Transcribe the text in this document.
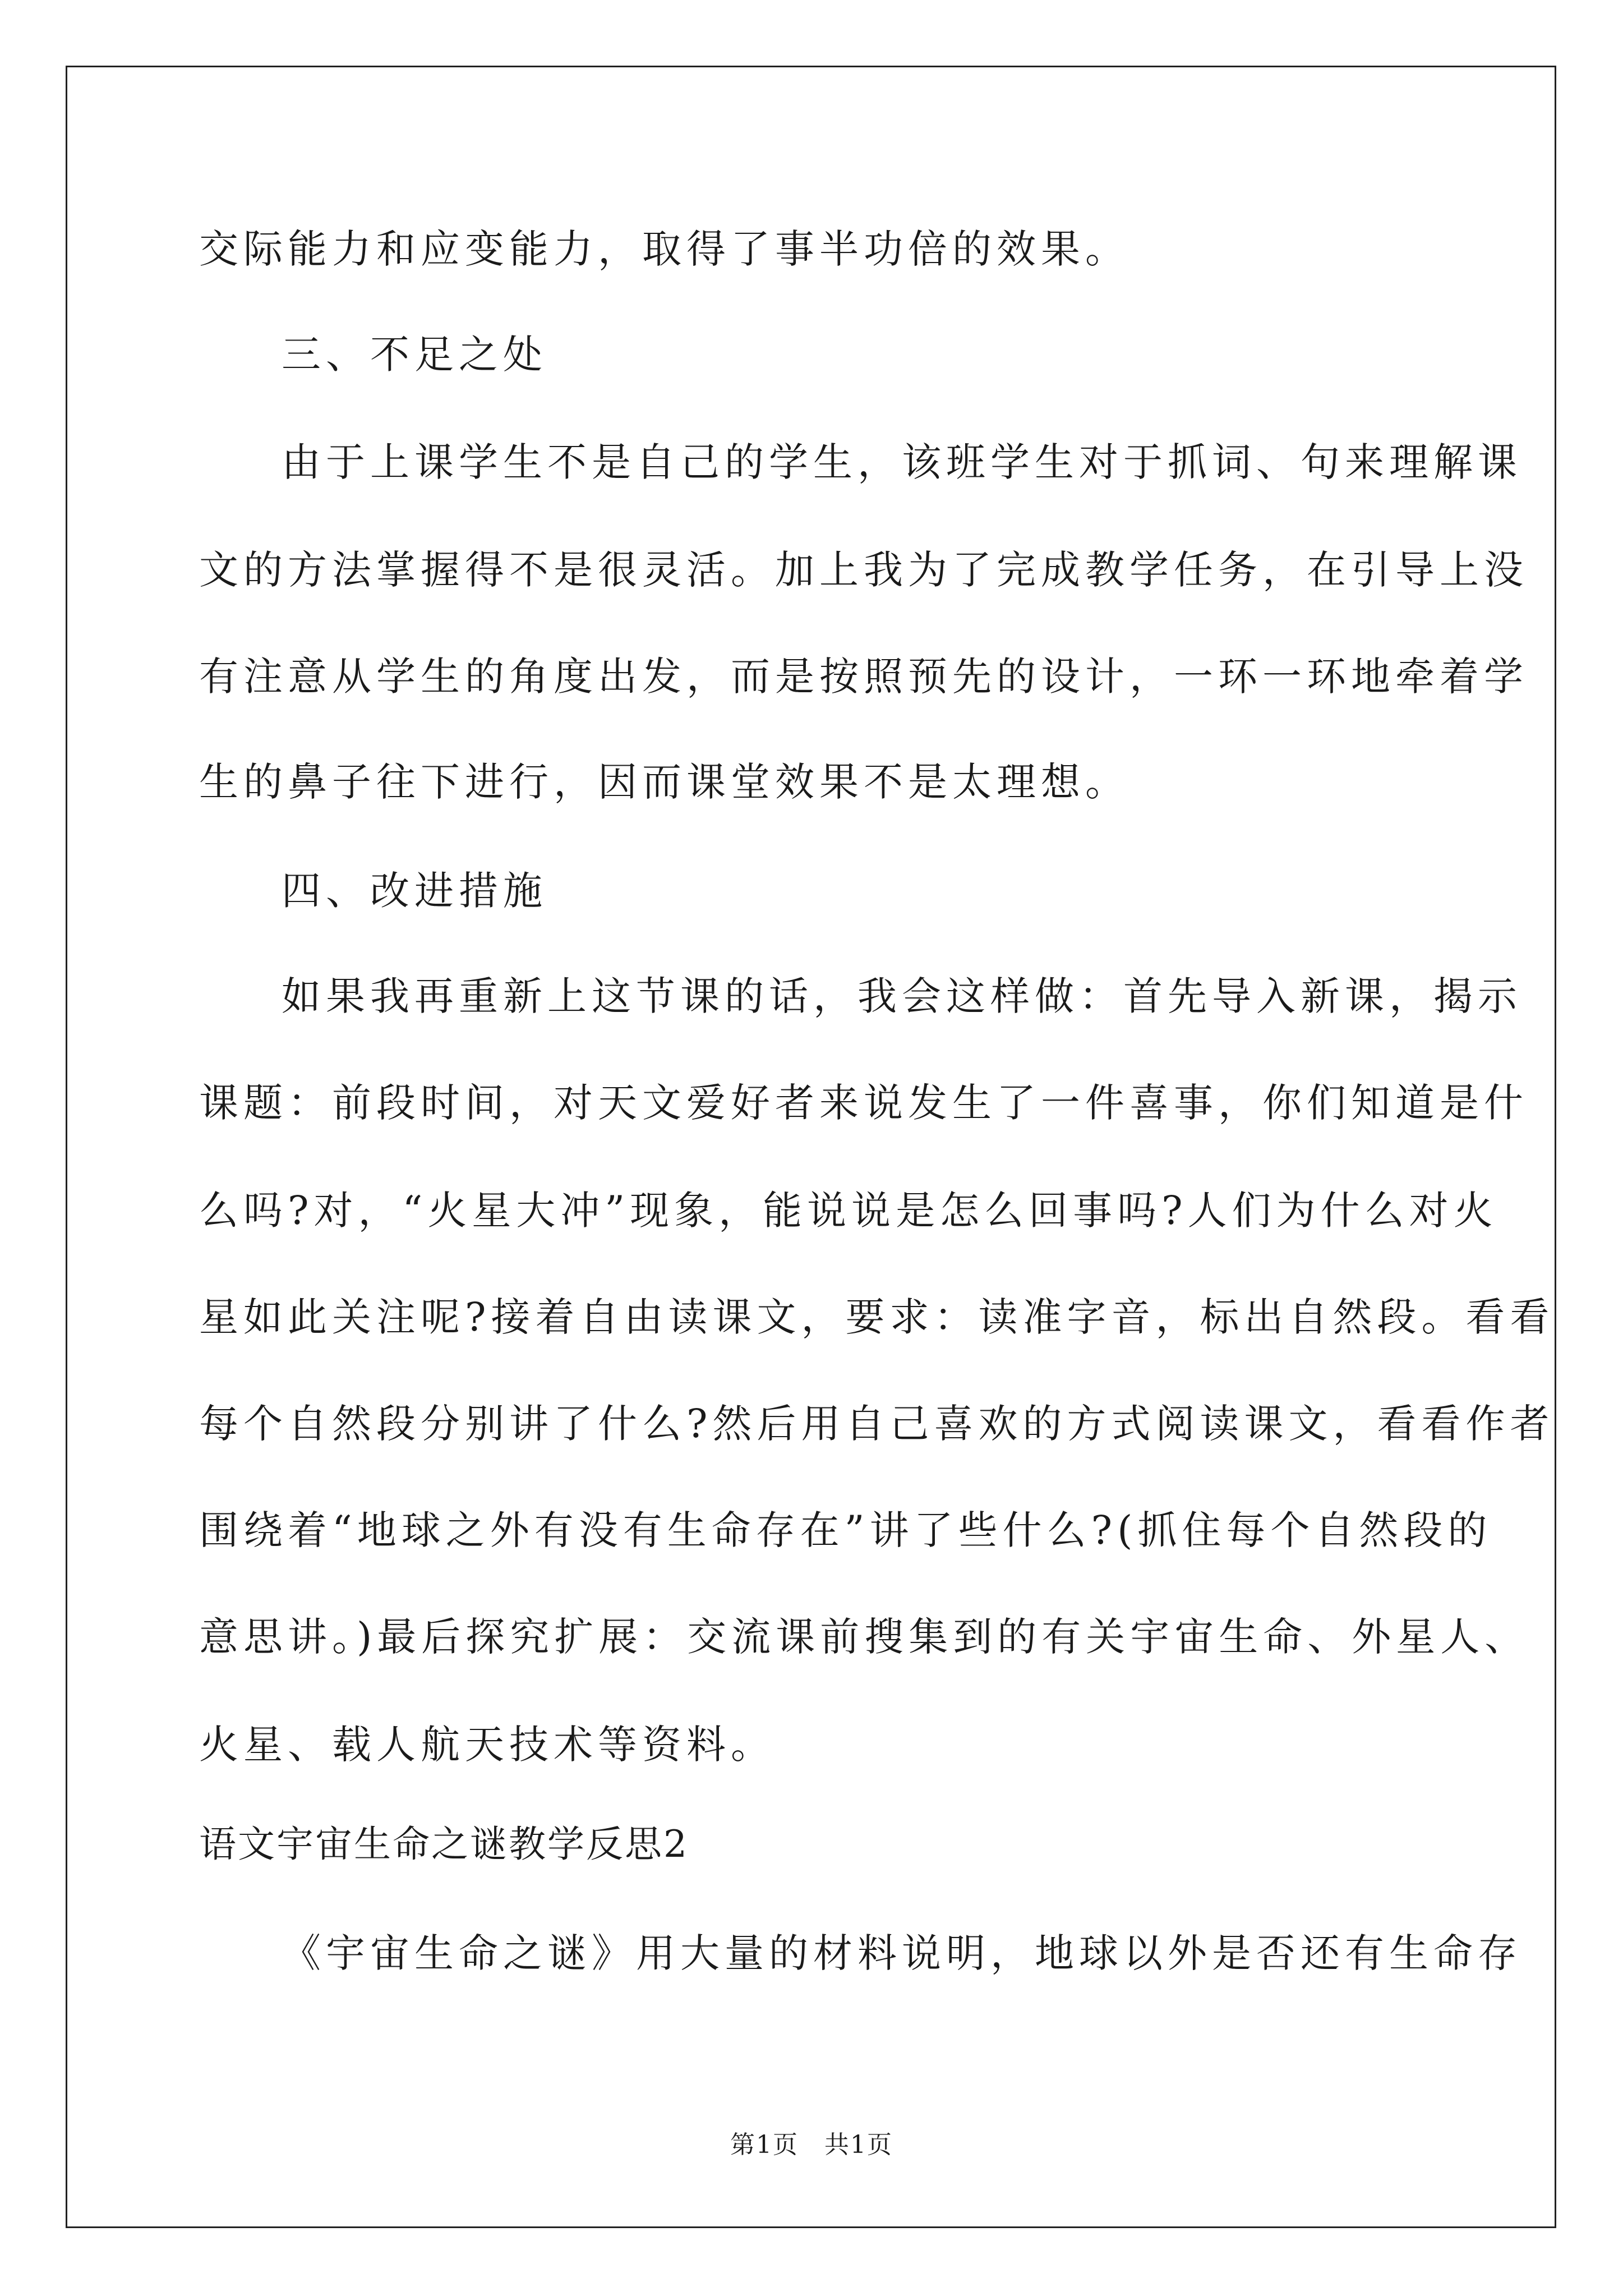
交际能力和应变能力，取得了事半功倍的效果。

三、不足之处

由于上课学生不是自己的学生，该班学生对于抓词、句来理解课

文的方法掌握得不是很灵活。加上我为了完成教学任务，在引导上没

有注意从学生的角度出发，而是按照预先的设计，一环一环地牵着学

生的鼻子往下进行，因而课堂效果不是太理想。

四、改进措施

如果我再重新上这节课的话，我会这样做：首先导入新课，揭示

课题：前段时间，对天文爱好者来说发生了一件喜事，你们知道是什

么吗?对，“火星大冲”现象，能说说是怎么回事吗?人们为什么对火

星如此关注呢?接着自由读课文，要求：读准字音，标出自然段。看看

每个自然段分别讲了什么?然后用自己喜欢的方式阅读课文，看看作者

围绕着“地球之外有没有生命存在”讲了些什么?(抓住每个自然段的

意思讲。)最后探究扩展：交流课前搜集到的有关宇宙生命、外星人、

火星、载人航天技术等资料。

语文宇宙生命之谜教学反思2

《宇宙生命之谜》用大量的材料说明，地球以外是否还有生命存

第1页　共1页
